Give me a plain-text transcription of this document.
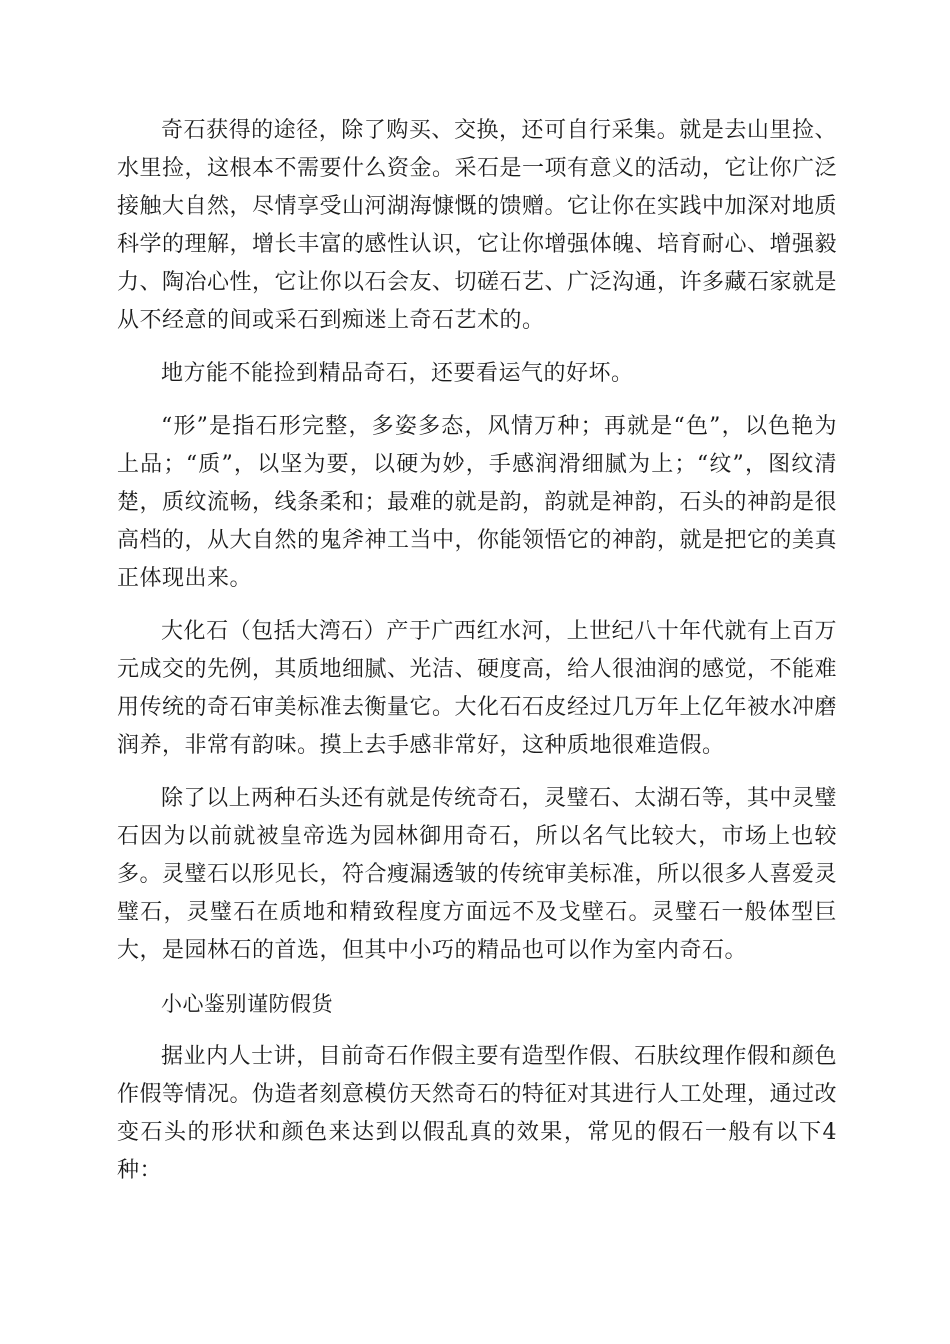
奇石获得的途径，除了购买、交换，还可自行采集。就是去山里捡、水里捡，这根本不需要什么资金。采石是一项有意义的活动，它让你广泛接触大自然，尽情享受山河湖海慷慨的馈赠。它让你在实践中加深对地质科学的理解，增长丰富的感性认识，它让你增强体魄、培育耐心、增强毅力、陶冶心性，它让你以石会友、切磋石艺、广泛沟通，许多藏石家就是从不经意的间或采石到痴迷上奇石艺术的。

地方能不能捡到精品奇石，还要看运气的好坏。

“形”是指石形完整，多姿多态，风情万种；再就是“色”，以色艳为上品；“质”，以坚为要，以硬为妙，手感润滑细腻为上；“纹”，图纹清楚，质纹流畅，线条柔和；最难的就是韵，韵就是神韵，石头的神韵是很高档的，从大自然的鬼斧神工当中，你能领悟它的神韵，就是把它的美真正体现出来。

大化石（包括大湾石）产于广西红水河，上世纪八十年代就有上百万元成交的先例，其质地细腻、光洁、硬度高，给人很油润的感觉，不能难用传统的奇石审美标准去衡量它。大化石石皮经过几万年上亿年被水冲磨润养，非常有韵味。摸上去手感非常好，这种质地很难造假。

除了以上两种石头还有就是传统奇石，灵璧石、太湖石等，其中灵璧石因为以前就被皇帝选为园林御用奇石，所以名气比较大，市场上也较多。灵璧石以形见长，符合瘦漏透皱的传统审美标准，所以很多人喜爱灵璧石，灵璧石在质地和精致程度方面远不及戈壁石。灵璧石一般体型巨大，是园林石的首选，但其中小巧的精品也可以作为室内奇石。

小心鉴别谨防假货

据业内人士讲，目前奇石作假主要有造型作假、石肤纹理作假和颜色作假等情况。伪造者刻意模仿天然奇石的特征对其进行人工处理，通过改变石头的形状和颜色来达到以假乱真的效果，常见的假石一般有以下4种：
